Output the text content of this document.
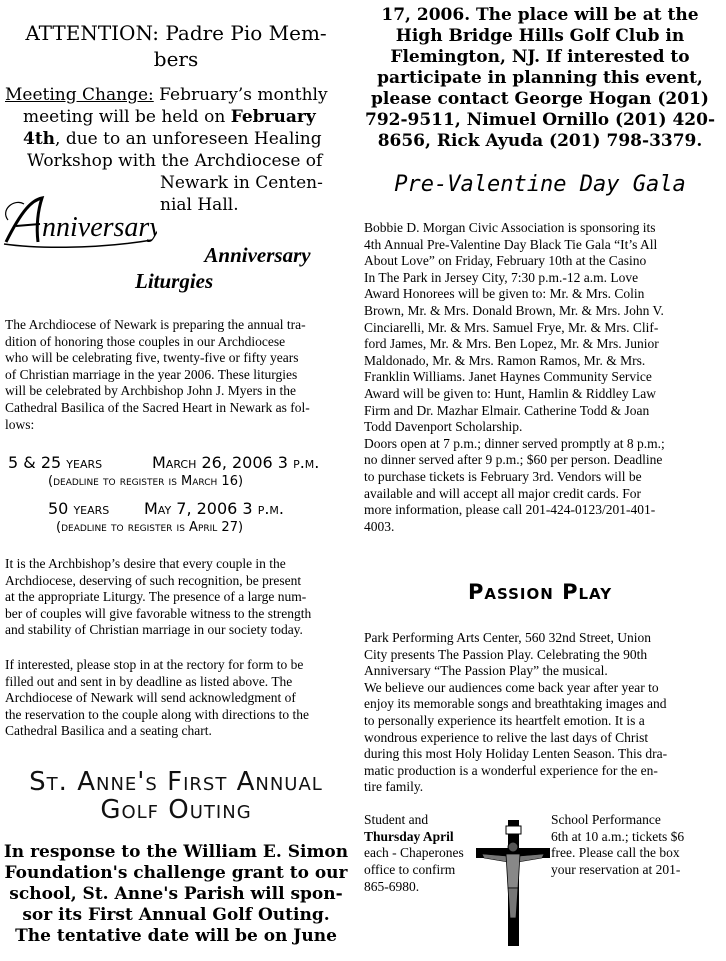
ATTENTION: Padre Pio Mem-
bers
Meeting Change: February’s monthly
meeting will be held on February
4th, due to an unforeseen Healing
Workshop with the Archdiocese of
Newark in Centen-
nial Hall.
nniversary
Anniversary
Liturgies
The Archdiocese of Newark is preparing the annual tra-
dition of honoring those couples in our Archdiocese
who will be celebrating five, twenty-five or fifty years
of Christian marriage in the year 2006. These liturgies
will be celebrated by Archbishop John J. Myers in the
Cathedral Basilica of the Sacred Heart in Newark as fol-
lows:
5 & 25 years	March 26, 2006 3 p.m.
(deadline to register is March 16)
50 years May 7, 2006 3 p.m.
(deadline to register is April 27)
It is the Archbishop’s desire that every couple in the
Archdiocese, deserving of such recognition, be present
at the appropriate Liturgy. The presence of a large num-
ber of couples will give favorable witness to the strength
and stability of Christian marriage in our society today.
If interested, please stop in at the rectory for form to be
filled out and sent in by deadline as listed above. The
Archdiocese of Newark will send acknowledgment of
the reservation to the couple along with directions to the
Cathedral Basilica and a seating chart.
St. Anne's First Annual
Golf Outing
In response to the William E. Simon
Foundation's challenge grant to our
school, St. Anne's Parish will spon-
sor its First Annual Golf Outing.
The tentative date will be on June
17, 2006. The place will be at the
High Bridge Hills Golf Club in
Flemington, NJ. If interested to
participate in planning this event,
please contact George Hogan (201)
792-9511, Nimuel Ornillo (201) 420-
8656, Rick Ayuda (201) 798-3379.
Pre-Valentine Day Gala
Bobbie D. Morgan Civic Association is sponsoring its
4th Annual Pre-Valentine Day Black Tie Gala “It’s All
About Love” on Friday, February 10th at the Casino
In The Park in Jersey City, 7:30 p.m.-12 a.m. Love
Award Honorees will be given to: Mr. & Mrs. Colin
Brown, Mr. & Mrs. Donald Brown, Mr. & Mrs. John V.
Cinciarelli, Mr. & Mrs. Samuel Frye, Mr. & Mrs. Clif-
ford James, Mr. & Mrs. Ben Lopez, Mr. & Mrs. Junior
Maldonado, Mr. & Mrs. Ramon Ramos, Mr. & Mrs.
Franklin Williams. Janet Haynes Community Service
Award will be given to: Hunt, Hamlin & Riddley Law
Firm and Dr. Mazhar Elmair. Catherine Todd & Joan
Todd Davenport Scholarship.
Doors open at 7 p.m.; dinner served promptly at 8 p.m.;
no dinner served after 9 p.m.; $60 per person. Deadline
to purchase tickets is February 3rd. Vendors will be
available and will accept all major credit cards. For
more information, please call 201-424-0123/201-401-
4003.
Passion Play
Park Performing Arts Center, 560 32nd Street, Union
City presents The Passion Play. Celebrating the 90th
Anniversary “The Passion Play” the musical.
We believe our audiences come back year after year to
enjoy its memorable songs and breathtaking images and
to personally experience its heartfelt emotion. It is a
wondrous experience to relive the last days of Christ
during this most Holy Holiday Lenten Season. This dra-
matic production is a wonderful experience for the en-
tire family.
Student and
Thursday April
each - Chaperones
office to confirm
School Performance
6th at 10 a.m.; tickets $6
free. Please call the box
your reservation at 201-
865-6980.
